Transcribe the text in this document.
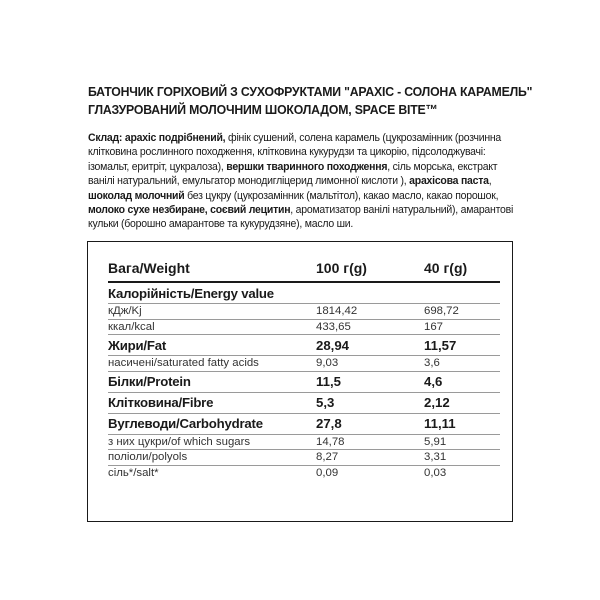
БАТОНЧИК ГОРІХОВИЙ З СУХОФРУКТАМИ "АРАХІС - СОЛОНА КАРАМЕЛЬ"
ГЛАЗУРОВАНИЙ МОЛОЧНИМ ШОКОЛАДОМ, SPACE BITE™
Склад: арахіс подрібнений, фінік сушений, солена карамель (цукрозамінник (розчинна клітковина рослинного походження, клітковина кукурудзи та цикорію, підсолоджувачі: ізомальт, еритріт, цукралоза), вершки тваринного походження, сіль морська, екстракт ванілі натуральний, емульгатор монодигліцерид лимонної кислоти ), арахісова паста, шоколад молочний без цукру (цукрозамінник (мальтітол), какао масло, какао порошок, молоко сухе незбиране, соєвий лецитин, ароматизатор ванілі натуральний), амарантові кульки (борошно амарантове та кукурудзяне), масло ши.
Вага/Weight	100 г(g)	40 г(g)
Калорійність/Energy value		
кДж/Kj	1814,42	698,72
ккал/kcal	433,65	167
Жири/Fat	28,94	11,57
насичені/saturated fatty acids	9,03	3,6
Білки/Protein	11,5	4,6
Клітковина/Fibre	5,3	2,12
Вуглеводи/Carbohydrate	27,8	11,11
з них цукри/of which sugars	14,78	5,91
поліоли/polyols	8,27	3,31
сіль*/salt*	0,09	0,03
